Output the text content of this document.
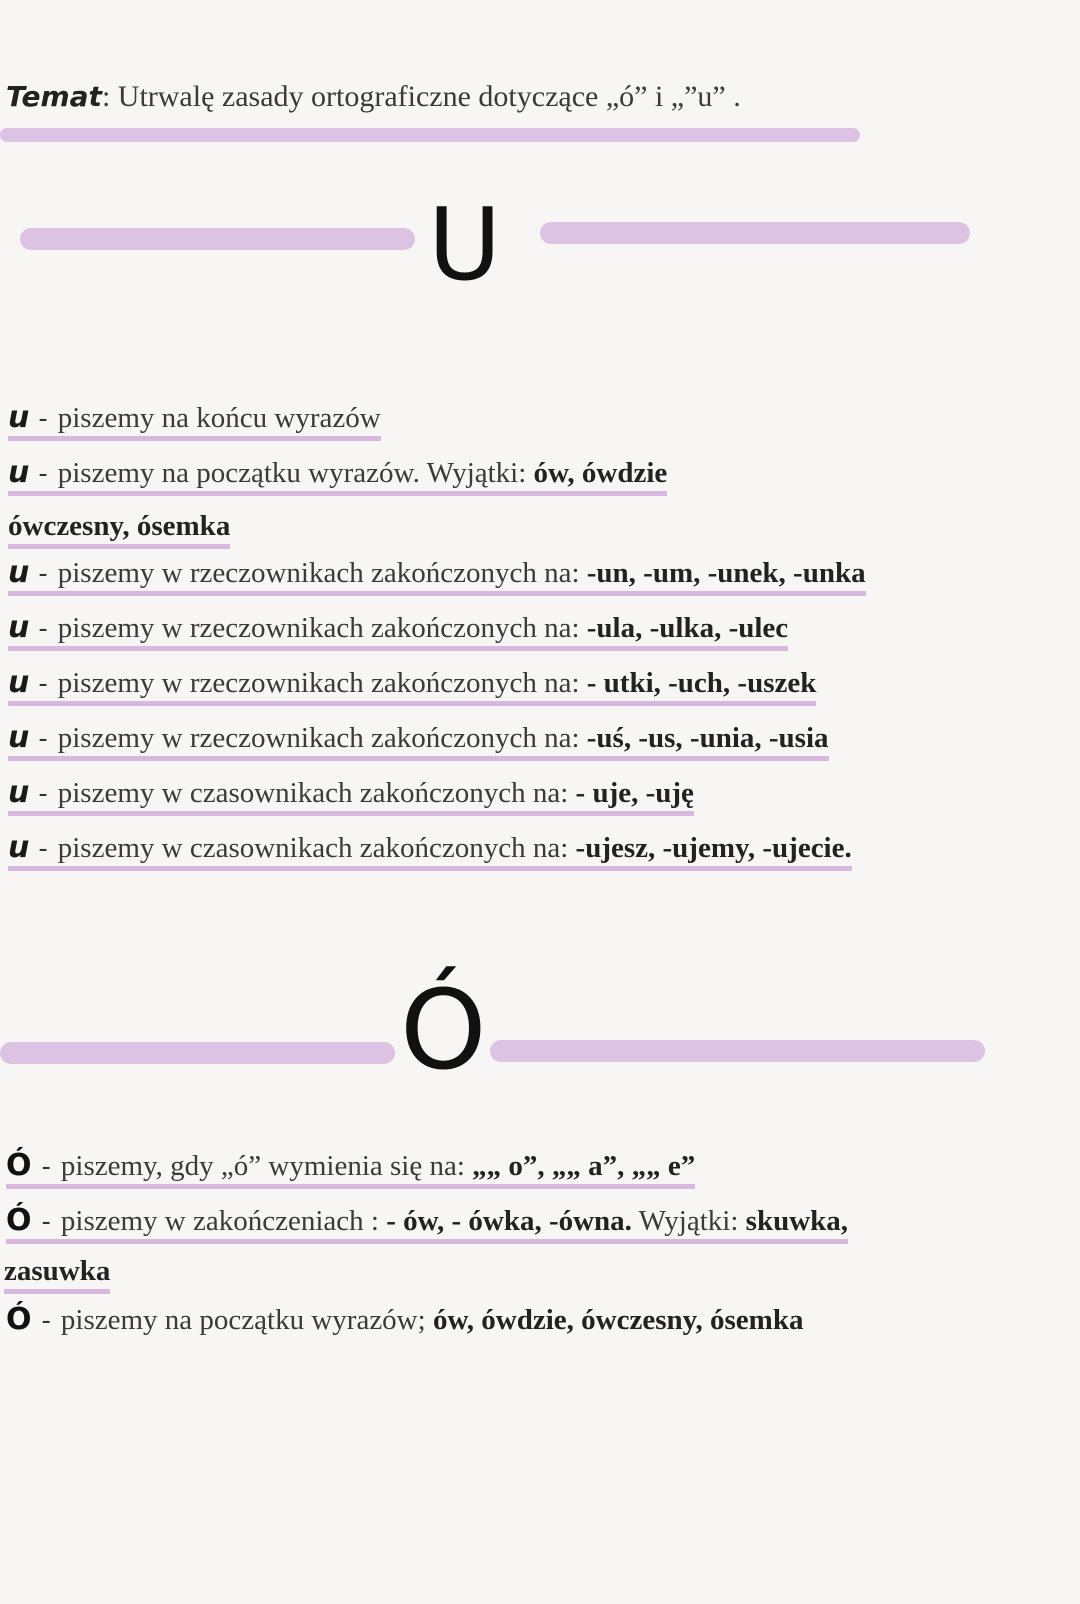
Temat: Utrwalę zasady ortograficzne dotyczące „ó” i „”u” .
U
u - piszemy na końcu wyrazów
u - piszemy na początku wyrazów. Wyjątki: ów, ówdzie
ówczesny, ósemka
u - piszemy w rzeczownikach zakończonych na: -un, -um, -unek, -unka
u - piszemy w rzeczownikach zakończonych na: -ula, -ulka, -ulec
u - piszemy w rzeczownikach zakończonych na: - utki, -uch, -uszek
u - piszemy w rzeczownikach zakończonych na: -uś, -us, -unia, -usia
u - piszemy w czasownikach zakończonych na: - uje, -uję
u - piszemy w czasownikach zakończonych na: -ujesz, -ujemy, -ujecie.
Ó
Ó - piszemy, gdy „ó” wymienia się na: „„ o”, „„ a”, „„ e”
Ó - piszemy w zakończeniach : - ów, - ówka, -ówna. Wyjątki: skuwka,
zasuwka
Ó - piszemy na początku wyrazów; ów, ówdzie, ówczesny, ósemka
